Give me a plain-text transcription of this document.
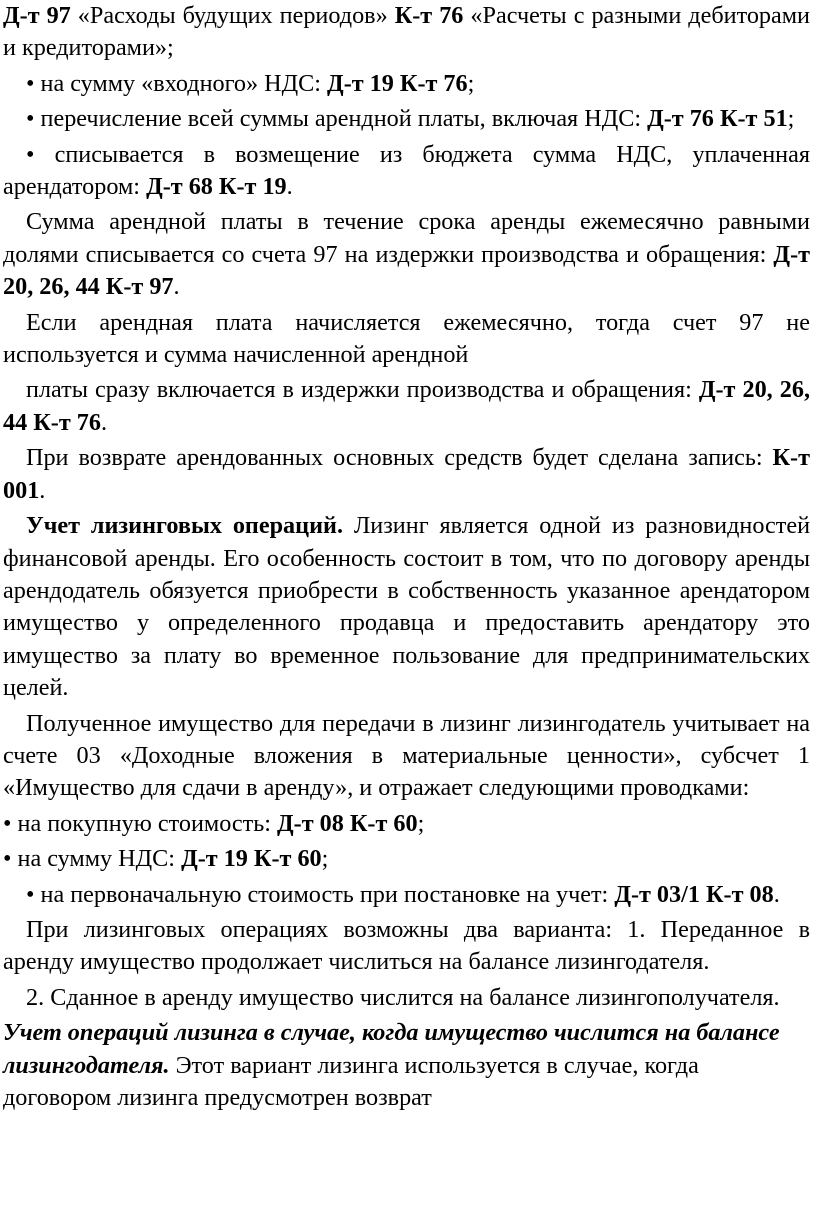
Д-т 97 «Расходы будущих периодов» К-т 76 «Расчеты с разными дебиторами и кредиторами»;

• на сумму «входного» НДС: Д-т 19 К-т 76;

• перечисление всей суммы арендной платы, включая НДС: Д-т 76 К-т 51;

• списывается в возмещение из бюджета сумма НДС, уплаченная арендатором: Д-т 68 К-т 19.

Сумма арендной платы в течение срока аренды ежемесячно равными долями списывается со счета 97 на издержки производства и обращения: Д-т 20, 26, 44 К-т 97.

Если арендная плата начисляется ежемесячно, тогда счет 97 не используется и сумма начисленной арендной

платы сразу включается в издержки производства и обращения: Д-т 20, 26, 44 К-т 76.

При возврате арендованных основных средств будет сделана запись: К-т 001.

Учет лизинговых операций. Лизинг является одной из разновидностей финансовой аренды. Его особенность состоит в том, что по договору аренды арендодатель обязуется приобрести в собственность указанное арендатором имущество у определенного продавца и предоставить арендатору это имущество за плату во временное пользование для предпринимательских целей.

Полученное имущество для передачи в лизинг лизингодатель учитывает на счете 03 «Доходные вложения в материальные ценности», субсчет 1 «Имущество для сдачи в аренду», и отражает следующими проводками:

• на покупную стоимость: Д-т 08 К-т 60;

• на сумму НДС: Д-т 19 К-т 60;

• на первоначальную стоимость при постановке на учет: Д-т 03/1 К-т 08.

При лизинговых операциях возможны два варианта: 1. Переданное в аренду имущество продолжает числиться на балансе лизингодателя.

2. Сданное в аренду имущество числится на балансе лизингополучателя.

Учет операций лизинга в случае, когда имущество числится на балансе лизингодателя. Этот вариант лизинга используется в случае, когда договором лизинга предусмотрен возврат
